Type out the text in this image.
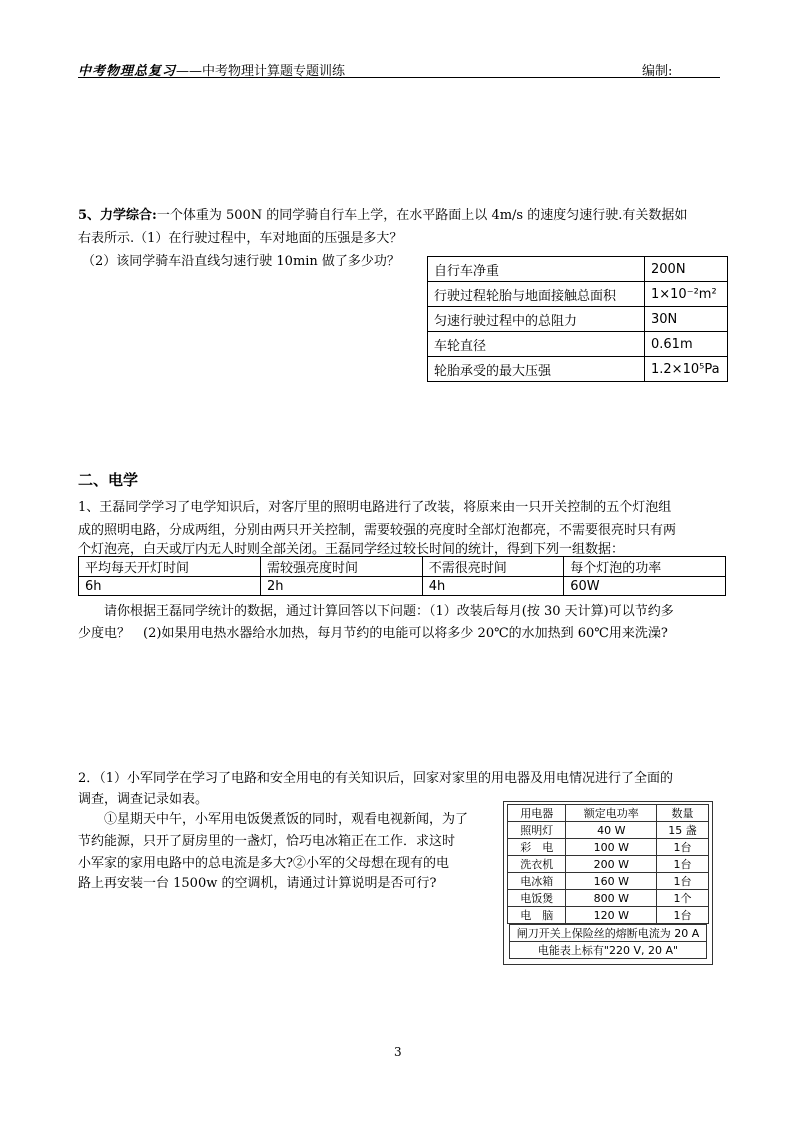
中考物理总复习——中考物理计算题专题训练	编制:
5、力学综合:一个体重为 500N 的同学骑自行车上学，在水平路面上以 4m/s 的速度匀速行驶.有关数据如
右表所示.（1）在行驶过程中，车对地面的压强是多大？
（2）该同学骑车沿直线匀速行驶 10min 做了多少功？
自行车净重	200N
行驶过程轮胎与地面接触总面积	1×10⁻²m²
匀速行驶过程中的总阻力	30N
车轮直径	0.61m
轮胎承受的最大压强	1.2×10⁵Pa
二、电学
1、王磊同学学习了电学知识后，对客厅里的照明电路进行了改装，将原来由一只开关控制的五个灯泡组
成的照明电路，分成两组，分别由两只开关控制，需要较强的亮度时全部灯泡都亮，不需要很亮时只有两
个灯泡亮，白天或厅内无人时则全部关闭。王磊同学经过较长时间的统计，得到下列一组数据：
平均每天开灯时间	需较强亮度时间	不需很亮时间	每个灯泡的功率
6h	2h	4h	60W
请你根据王磊同学统计的数据，通过计算回答以下问题：（1）改装后每月(按 30 天计算)可以节约多
少度电？　(2)如果用电热水器给水加热，每月节约的电能可以将多少 20℃的水加热到 60℃用来洗澡?
2．（1）小军同学在学习了电路和安全用电的有关知识后，回家对家里的用电器及用电情况进行了全面的
调查，调查记录如表。
①星期天中午，小军用电饭煲煮饭的同时，观看电视新闻，为了
节约能源，只开了厨房里的一盏灯，恰巧电冰箱正在工作．求这时
小军家的家用电路中的总电流是多大?②小军的父母想在现有的电
路上再安装一台 1500w 的空调机，请通过计算说明是否可行?
用电器	额定电功率	数量
照明灯	40 W	15 盏
彩　电	100 W	1台
洗衣机	200 W	1台
电冰箱	160 W	1台
电饭煲	800 W	1个
电　脑	120 W	1台
闸刀开关上保险丝的熔断电流为 20 A
电能表上标有"220 V, 20 A"
3
